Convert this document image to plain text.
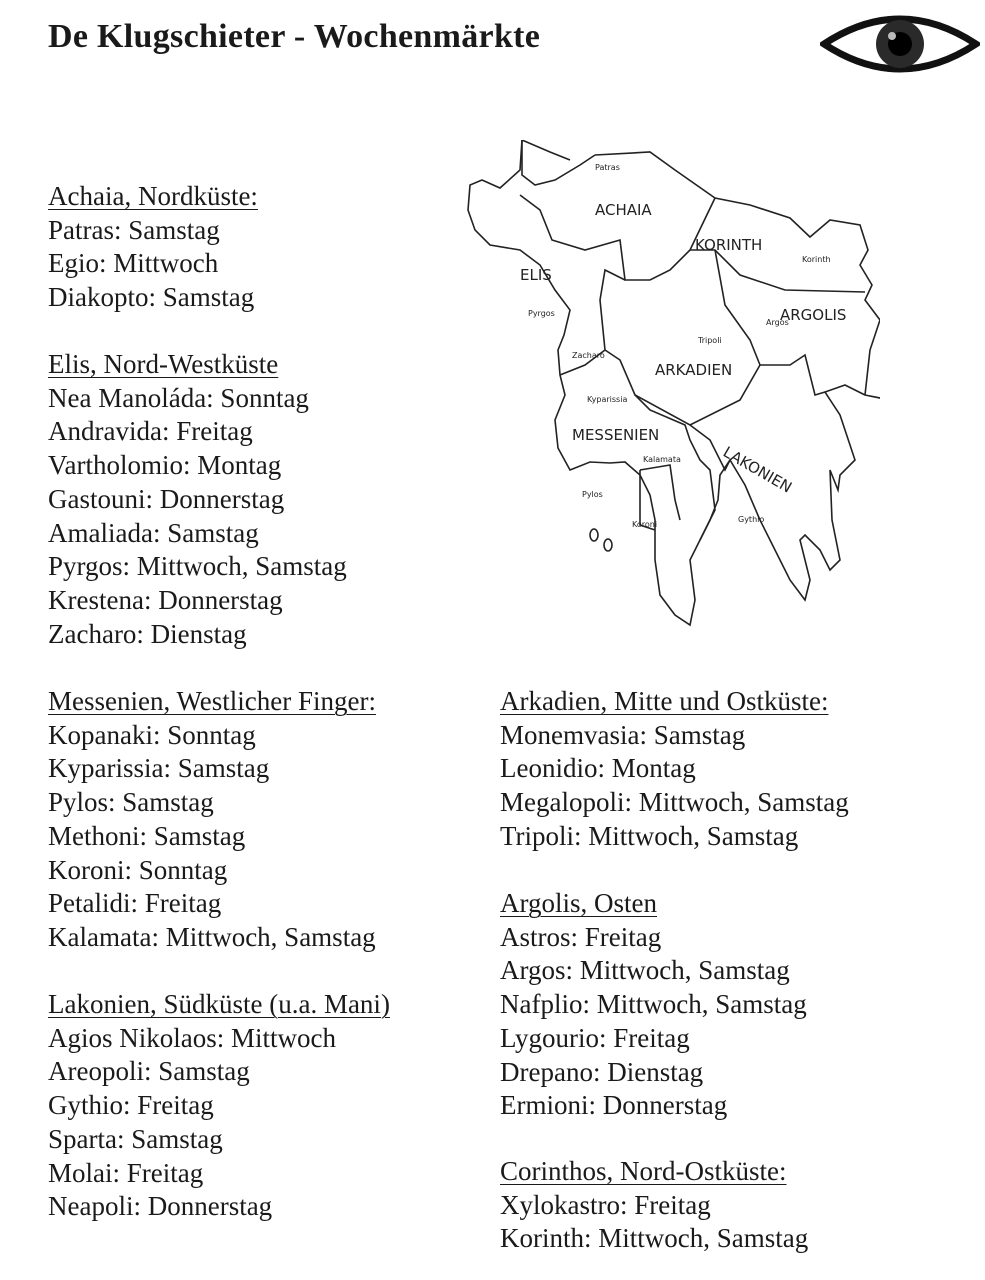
De Klugschieter - Wochenmärkte
ACHAIA
KORINTH
ELIS
ARGOLIS
ARKADIEN
MESSENIEN
LAKONIEN
Patras
Korinth
Pyrgos
Argos
Tripoli
Zacharo
Kyparissia
Kalamata
Pylos
Koroni
Gythio
Achaia, Nordküste:
Patras: Samstag
Egio: Mittwoch
Diakopto: Samstag
Elis, Nord-Westküste
Nea Manoláda: Sonntag
Andravida: Freitag
Vartholomio: Montag
Gastouni: Donnerstag
Amaliada: Samstag
Pyrgos: Mittwoch, Samstag
Krestena: Donnerstag
Zacharo: Dienstag
Messenien, Westlicher Finger:
Kopanaki: Sonntag
Kyparissia: Samstag
Pylos: Samstag
Methoni: Samstag
Koroni: Sonntag
Petalidi: Freitag
Kalamata: Mittwoch, Samstag
Lakonien, Südküste (u.a. Mani)
Agios Nikolaos: Mittwoch
Areopoli: Samstag
Gythio: Freitag
Sparta: Samstag
Molai: Freitag
Neapoli: Donnerstag
Arkadien, Mitte und Ostküste:
Monemvasia: Samstag
Leonidio: Montag
Megalopoli: Mittwoch, Samstag
Tripoli: Mittwoch, Samstag
Argolis, Osten
Astros: Freitag
Argos: Mittwoch, Samstag
Nafplio: Mittwoch, Samstag
Lygourio: Freitag
Drepano: Dienstag
Ermioni: Donnerstag
Corinthos, Nord-Ostküste:
Xylokastro: Freitag
Korinth: Mittwoch, Samstag
